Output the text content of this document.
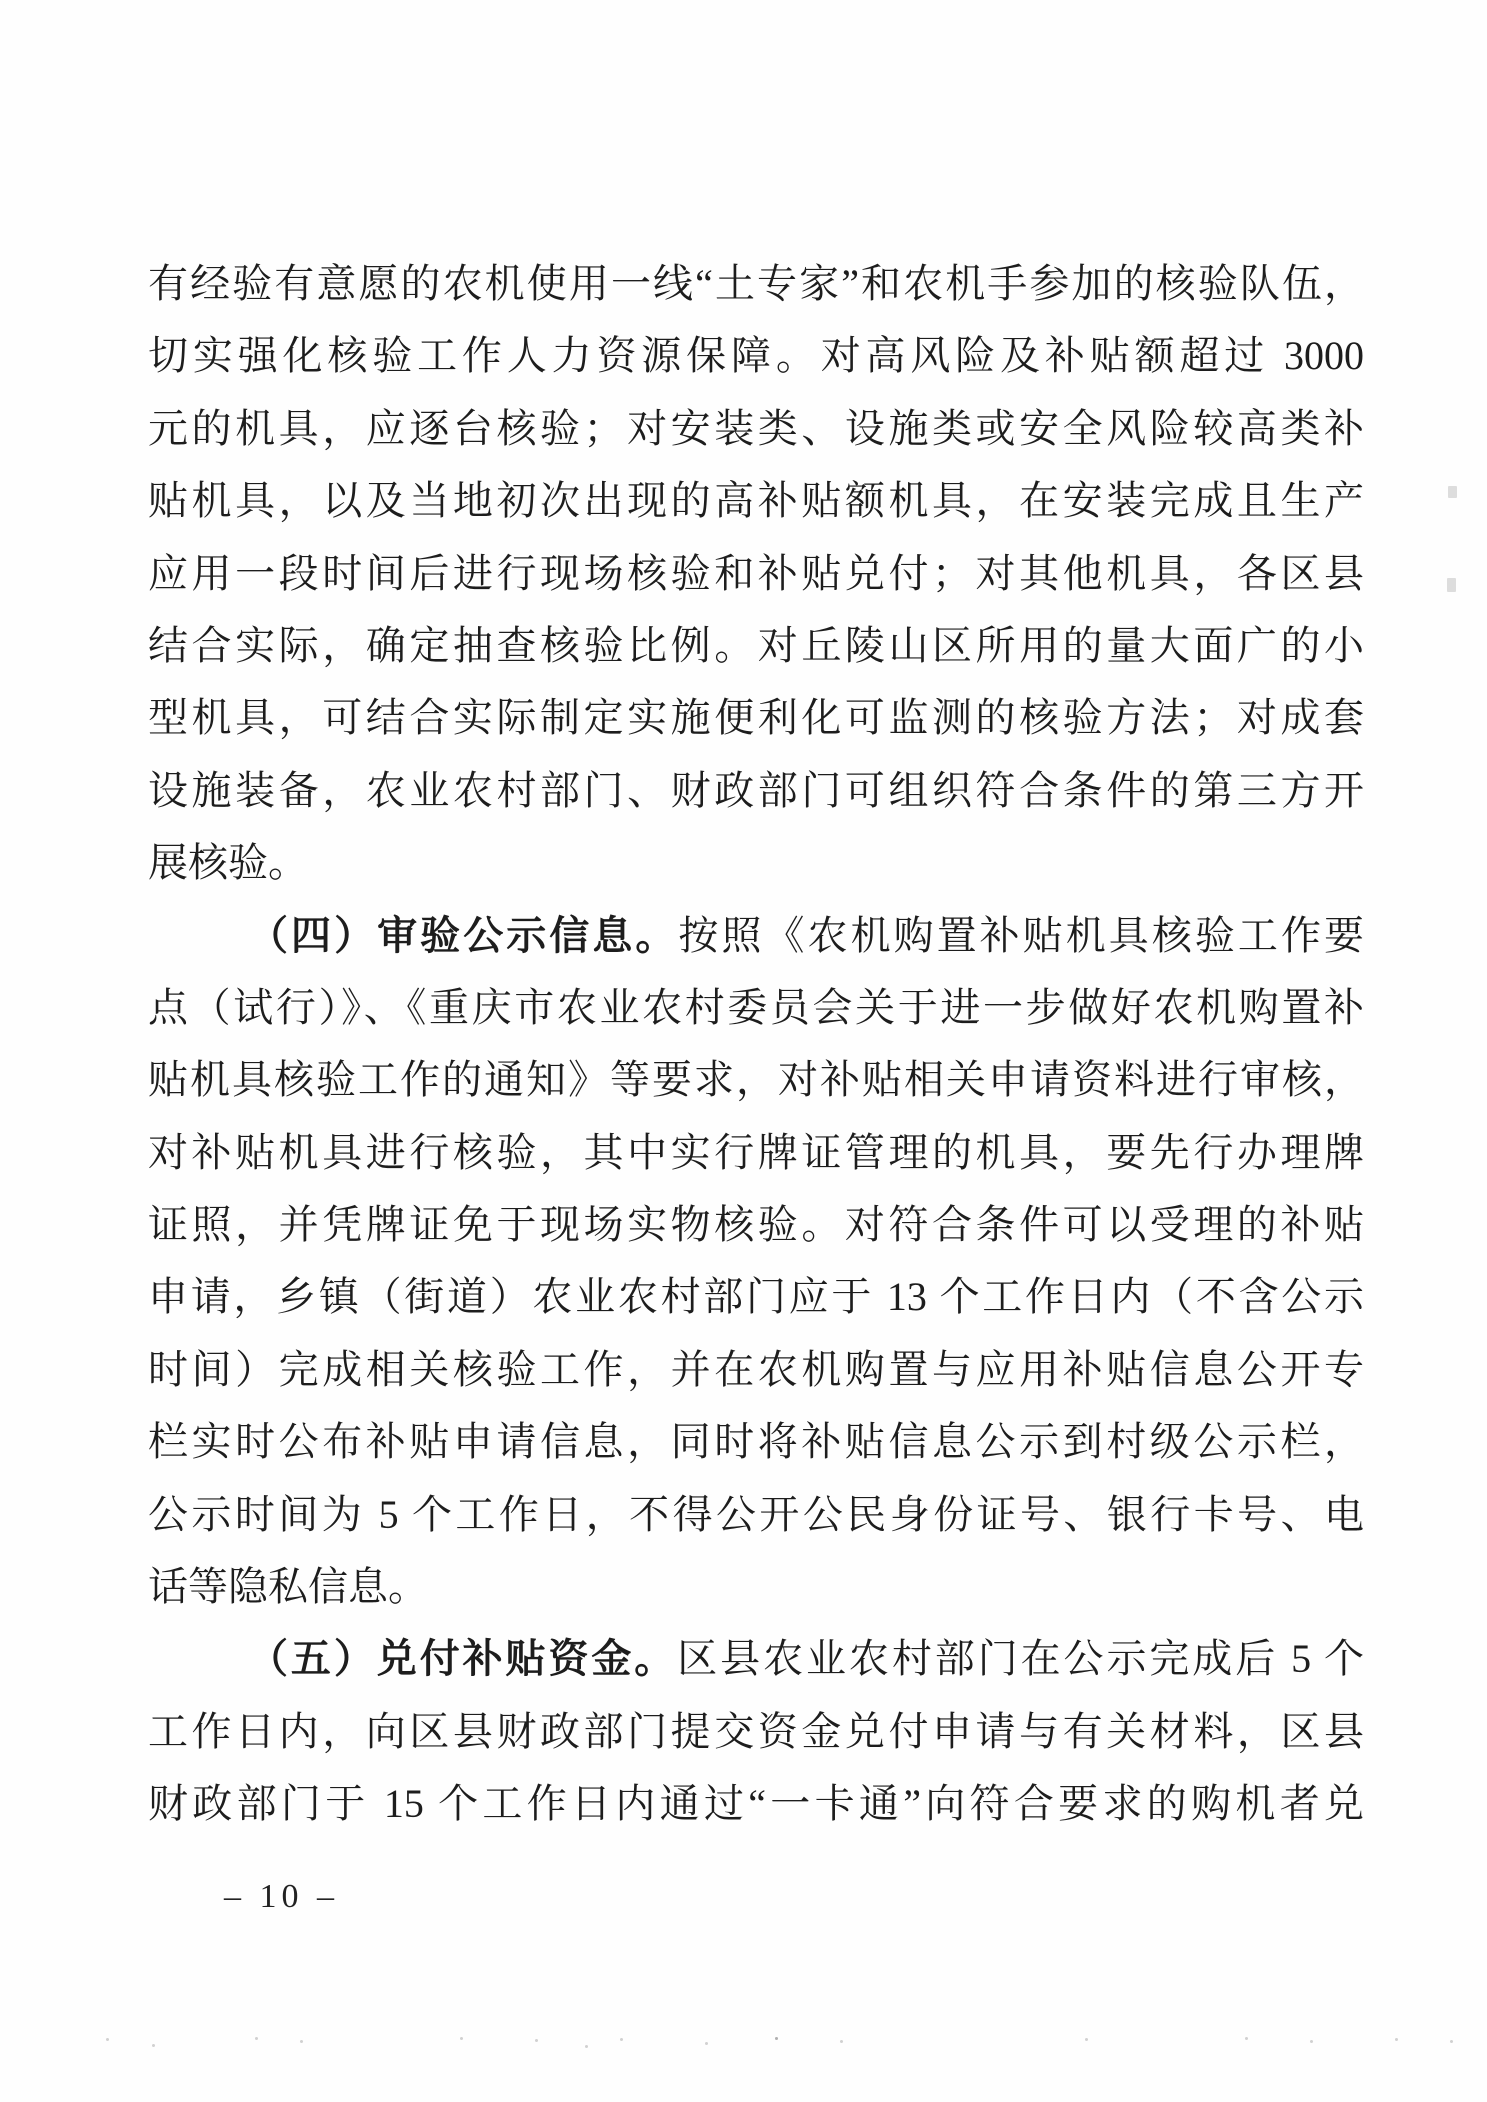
有经验有意愿的农机使用一线“土专家”和农机手参加的核验队伍，
切实强化核验工作人力资源保障。对高风险及补贴额超过 3000
元的机具，应逐台核验；对安装类、设施类或安全风险较高类补
贴机具，以及当地初次出现的高补贴额机具，在安装完成且生产
应用一段时间后进行现场核验和补贴兑付；对其他机具，各区县
结合实际，确定抽查核验比例。对丘陵山区所用的量大面广的小
型机具，可结合实际制定实施便利化可监测的核验方法；对成套
设施装备，农业农村部门、财政部门可组织符合条件的第三方开
展核验。
（四）审验公示信息。按照《农机购置补贴机具核验工作要
点（试行）》、《重庆市农业农村委员会关于进一步做好农机购置补
贴机具核验工作的通知》等要求，对补贴相关申请资料进行审核，
对补贴机具进行核验，其中实行牌证管理的机具，要先行办理牌
证照，并凭牌证免于现场实物核验。对符合条件可以受理的补贴
申请，乡镇（街道）农业农村部门应于 13 个工作日内（不含公示
时间）完成相关核验工作，并在农机购置与应用补贴信息公开专
栏实时公布补贴申请信息，同时将补贴信息公示到村级公示栏，
公示时间为 5 个工作日，不得公开公民身份证号、银行卡号、电
话等隐私信息。
（五）兑付补贴资金。区县农业农村部门在公示完成后 5 个
工作日内，向区县财政部门提交资金兑付申请与有关材料，区县
财政部门于 15 个工作日内通过“一卡通”向符合要求的购机者兑
– 10 –
